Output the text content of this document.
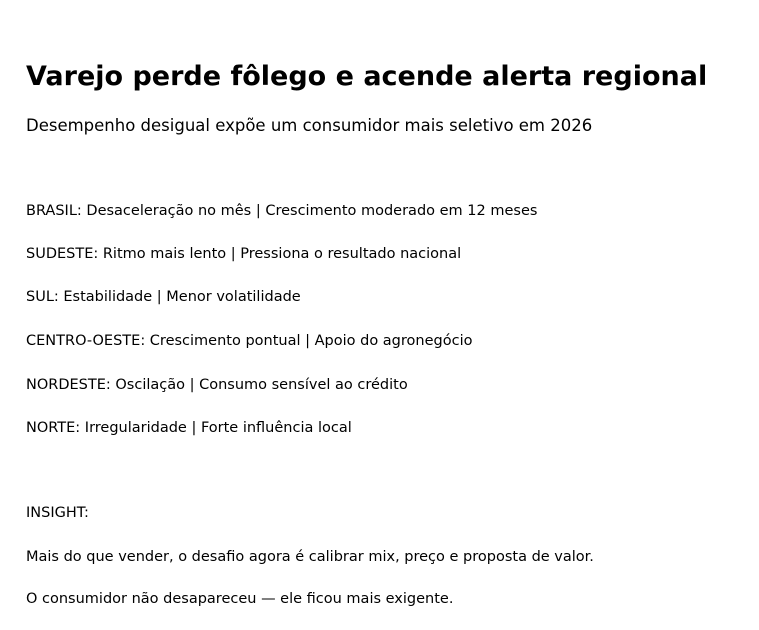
Varejo perde fôlego e acende alerta regional

Desempenho desigual expõe um consumidor mais seletivo em 2026

BRASIL: Desaceleração no mês | Crescimento moderado em 12 meses

SUDESTE: Ritmo mais lento | Pressiona o resultado nacional

SUL: Estabilidade | Menor volatilidade

CENTRO-OESTE: Crescimento pontual | Apoio do agronegócio

NORDESTE: Oscilação | Consumo sensível ao crédito

NORTE: Irregularidade | Forte influência local

INSIGHT:

Mais do que vender, o desafio agora é calibrar mix, preço e proposta de valor.

O consumidor não desapareceu — ele ficou mais exigente.
